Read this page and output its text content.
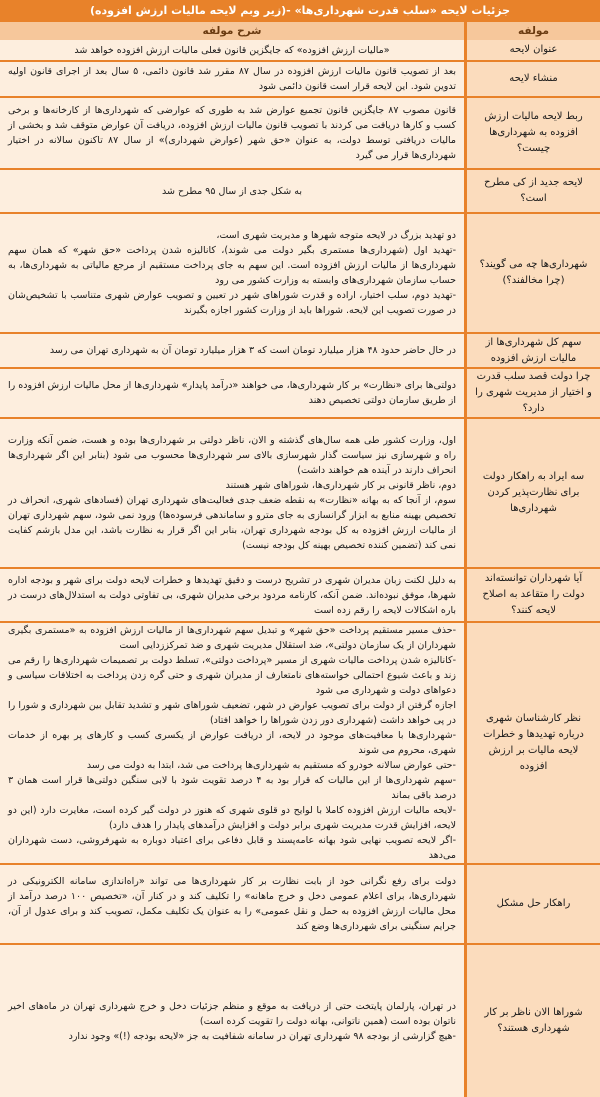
جزئیات لایحه «سلب قدرت شهرداری‌ها» -(زیر وبم لایحه مالیات ارزش افزوده)
مولفه
شرح مولفه
عنوان لایحه

«مالیات ارزش افزوده» که جایگزین قانون فعلی مالیات ارزش افزوده خواهد شد

منشاء لایحه

بعد از تصویب قانون مالیات ارزش افزوده در سال ۸۷ مقرر شد قانون دائمی، ۵ سال بعد از اجرای قانون اولیه تدوین شود. این لایحه قرار است قانون دائمی شود

ربط لایحه مالیات ارزش افزوده به شهرداری‌ها چیست؟

قانون مصوب ۸۷ جایگزین قانون تجمیع عوارض شد به طوری که عوارضی که شهرداری‌ها از کارخانه‌ها و برخی کسب و کارها دریافت می کردند با تصویب قانون مالیات ارزش افزوده، دریافت آن عوارض متوقف شد و بخشی از مالیات دریافتی توسط دولت، به عنوان «حق شهر (عوارض شهرداری)» از سال ۸۷ تاکنون سالانه در اختیار شهرداری‌ها قرار می گیرد

لایحه جدید از کی مطرح است؟

به شکل جدی از سال ۹۵ مطرح شد

شهرداری‌ها چه می گویند؟ (چرا مخالفند؟)

دو تهدید بزرگ در لایحه متوجه شهرها و مدیریت شهری است،

-تهدید اول (شهرداری‌ها مستمری بگیر دولت می شوند)، کانالیزه شدن پرداخت «حق شهر» که همان سهم شهرداری‌ها از مالیات ارزش افزوده است. این سهم به جای پرداخت مستقیم از مرجع مالیاتی به شهرداری‌ها، به حساب سازمان شهرداری‌های وابسته به وزارت کشور می رود

-تهدید دوم، سلب اختیار، اراده و قدرت شوراهای شهر در تعیین و تصویب عوارض شهری متناسب با تشخیص‌شان در صورت تصویب این لایحه. شوراها باید از وزارت کشور اجازه بگیرند

سهم کل شهرداری‌ها از مالیات ارزش افزوده

در حال حاضر حدود ۴۸ هزار میلیارد تومان است که ۳ هزار میلیارد تومان آن به شهرداری تهران می رسد

چرا دولت قصد سلب قدرت و اختیار از مدیریت شهری را دارد؟

دولتی‌ها برای «نظارت» بر کار شهرداری‌ها، می خواهند «درآمد پایدار» شهرداری‌ها از محل مالیات ارزش افزوده را از طریق سازمان دولتی تخصیص دهند

سه ایراد به راهکار دولت برای نظارت‌پذیر کردن شهرداری‌ها

اول، وزارت کشور طی همه سال‌های گذشته و الان، ناظر دولتی بر شهرداری‌ها بوده و هست، ضمن آنکه وزارت راه و شهرسازی نیز سیاست گذار شهرسازی بالای سر شهرداری‌ها محسوب می شود (بنابر این اگر شهرداری‌ها انحراف دارند در آینده هم خواهند داشت)

دوم، ناظر قانونی بر کار شهرداری‌ها، شوراهای شهر هستند

سوم، از آنجا که به بهانه «نظارت» به نقطه ضعف جدی فعالیت‌های شهرداری تهران (فسادهای شهری، انحراف در تخصیص بهینه منابع به ابزار گرانسازی به جای مترو و ساماندهی فرسوده‌ها) ورود نمی شود، سهم شهرداری تهران از مالیات ارزش افزوده به کل بودجه شهرداری تهران، بنابر این اگر قرار به نظارت باشد، این مدل بازشم کفایت نمی کند (تضمین کننده تخصیص بهینه کل بودجه نیست)

آیا شهرداران توانسته‌اند دولت را متقاعد به اصلاح لایحه کنند؟

به دلیل لکنت زبان مدیران شهری در تشریح درست و دقیق تهدیدها و خطرات لایحه دولت برای شهر و بودجه اداره شهرها، موفق نبوده‌اند. ضمن آنکه، کارنامه مردود برخی مدیران شهری، بی تفاوتی دولت به استدلال‌های درست در باره اشکالات لایحه را رقم زده است

نظر کارشناسان شهری درباره تهدیدها و خطرات لایحه مالیات بر ارزش افزوده

-حذف مسیر مستقیم پرداخت «حق شهر» و تبدیل سهم شهرداری‌ها از مالیات ارزش افزوده به «مستمری بگیری شهرداران از یک سازمان دولتی»، ضد استقلال مدیریت شهری و ضد تمرکززدایی است

-کانالیزه شدن پرداخت مالیات شهری از مسیر «پرداخت دولتی»، تسلط دولت بر تصمیمات شهرداری‌ها را رقم می زند و باعث شیوع احتمالی خواسته‌های نامتعارف از مدیران شهری و حتی گره زدن پرداخت به اختلافات سیاسی و دعواهای دولت و شهرداری می شود

اجازه گرفتن از دولت برای تصویب عوارض در شهر، تضعیف شوراهای شهر و تشدید تقابل بین شهرداری و شورا را در پی خواهد داشت (شهرداری دور زدن شوراها را خواهد افتاد)

-شهرداری‌ها با معافیت‌های موجود در لایحه، از دریافت عوارض از یکسری کسب و کارهای پر بهره از خدمات شهری، محروم می شوند

-حتی عوارض سالانه خودرو که مستقیم به شهرداری‌ها پرداخت می شد، ابتدا به دولت می رسد

-سهم شهرداری‌ها از این مالیات که قرار بود به ۴ درصد تقویت شود با لابی سنگین دولتی‌ها قرار است همان ۳ درصد باقی بماند

-لایحه مالیات ارزش افزوده کاملا با لوایح دو قلوی شهری که هنوز در دولت گیر کرده است، مغایرت دارد (این دو لایحه، افزایش قدرت مدیریت شهری برابر دولت و افزایش درآمدهای پایدار را هدف دارد)

-اگر لایحه تصویب نهایی شود بهانه عامه‌پسند و قابل دفاعی برای اعتیاد دوباره به شهرفروشی، دست شهرداران می‌دهد

راهکار حل مشکل

دولت برای رفع نگرانی خود از بابت نظارت بر کار شهرداری‌ها می تواند «راه‌اندازی سامانه الکترونیکی در شهرداری‌ها، برای اعلام عمومی دخل و خرج ماهانه» را تکلیف کند و در کنار آن، «تخصیص ۱۰۰ درصد درآمد از محل مالیات ارزش افزوده به حمل و نقل عمومی» را به عنوان یک تکلیف مکمل، تصویب کند و برای عدول از آن، جرایم سنگینی برای شهرداری‌ها وضع کند

شوراها الان ناظر بر کار شهرداری هستند؟

در تهران، پارلمان پایتخت حتی از دریافت به موقع و منظم جزئیات دخل و خرج شهرداری تهران در ماه‌های اخیر ناتوان بوده است (همین ناتوانی، بهانه دولت را تقویت کرده است)

-هیچ گزارشی از بودجه ۹۸ شهرداری تهران در سامانه شفافیت به جز «لایحه بودجه (!)» وجود ندارد
